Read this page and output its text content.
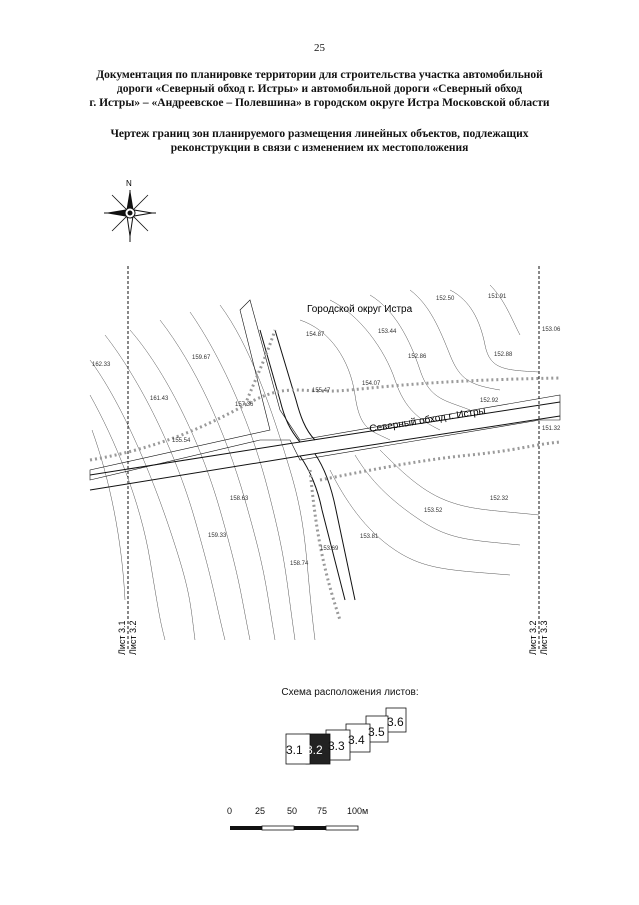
25
Документация по планировке территории для строительства участка автомобильной
дороги «Северный обход г. Истры» и автомобильной дороги «Северный обход
г. Истры» – «Андреевское – Полевшина» в городском округе Истра Московской области
Чертеж границ зон планируемого размещения линейных объектов, подлежащих
реконструкции в связи с изменением их местоположения
N
Северный обход г. Истры
Городской округ Истра
162.33
159.67
161.43
155.54
157.36
158.63
159.33
158.74
154.87
152.50	151.91
153.44
152.86	152.88
153.06
151.32
152.32
153.52
153.81
153.69
155.47
154.07
152.92
Лист 3.1 Лист 3.2	Лист 3.2 Лист 3.3
Схема расположения листов:
3.1 3.2 3.3 3.4
3.5
3.6
0	25 50 75 100м
